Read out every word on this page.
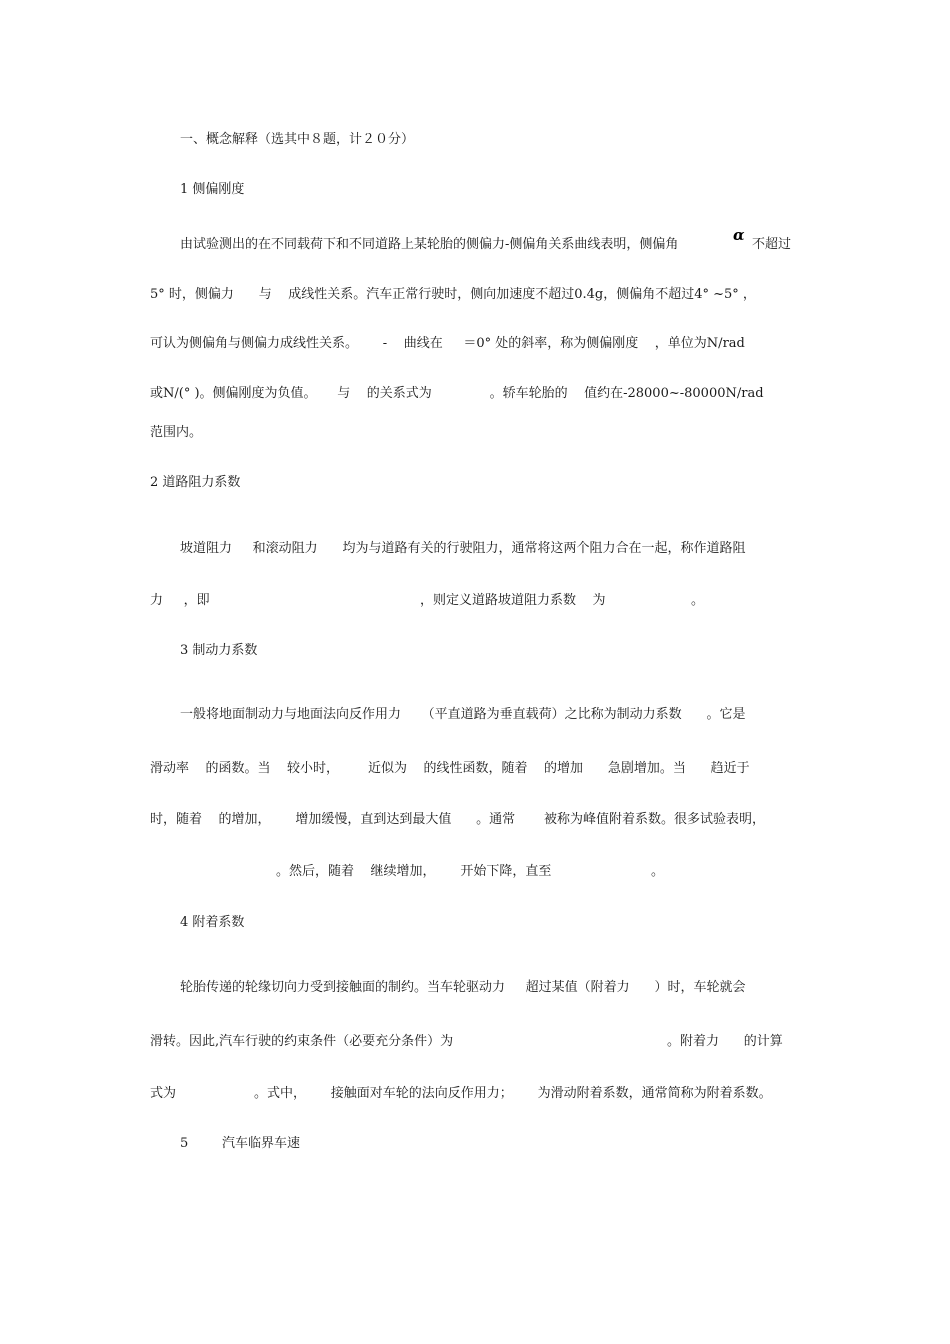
一、概念解释（选其中８题，计２０分）
1 侧偏刚度
由试验测出的在不同载荷下和不同道路上某轮胎的侧偏力-侧偏角关系曲线表明，侧偏角
α
不超过
5° 时，侧偏力      与    成线性关系。汽车正常行驶时，侧向加速度不超过0.4g，侧偏角不超过4° ~5° ，
可认为侧偏角与侧偏力成线性关系。      -    曲线在     ＝0° 处的斜率，称为侧偏刚度    ，单位为N/rad
或N/(° )。侧偏刚度为负值。     与    的关系式为              。轿车轮胎的    值约在-28000~-80000N/rad
范围内。
2 道路阻力系数
坡道阻力     和滚动阻力      均为与道路有关的行驶阻力，通常将这两个阻力合在一起，称作道路阻
力     ，即	，则定义道路坡道阻力系数    为	。
3 制动力系数
一般将地面制动力与地面法向反作用力     （平直道路为垂直载荷）之比称为制动力系数      。它是
滑动率    的函数。当    较小时，       近似为    的线性函数，随着    的增加      急剧增加。当      趋近于
时，随着    的增加，      增加缓慢，直到达到最大值      。通常       被称为峰值附着系数。很多试验表明，
。然后，随着    继续增加，      开始下降，直至	。
4 附着系数
轮胎传递的轮缘切向力受到接触面的制约。当车轮驱动力     超过某值（附着力      ）时，车轮就会
滑转。因此,汽车行驶的约束条件（必要充分条件）为	。附着力      的计算
式为	。式中，      接触面对车轮的法向反作用力；      为滑动附着系数，通常简称为附着系数。
5	汽车临界车速
